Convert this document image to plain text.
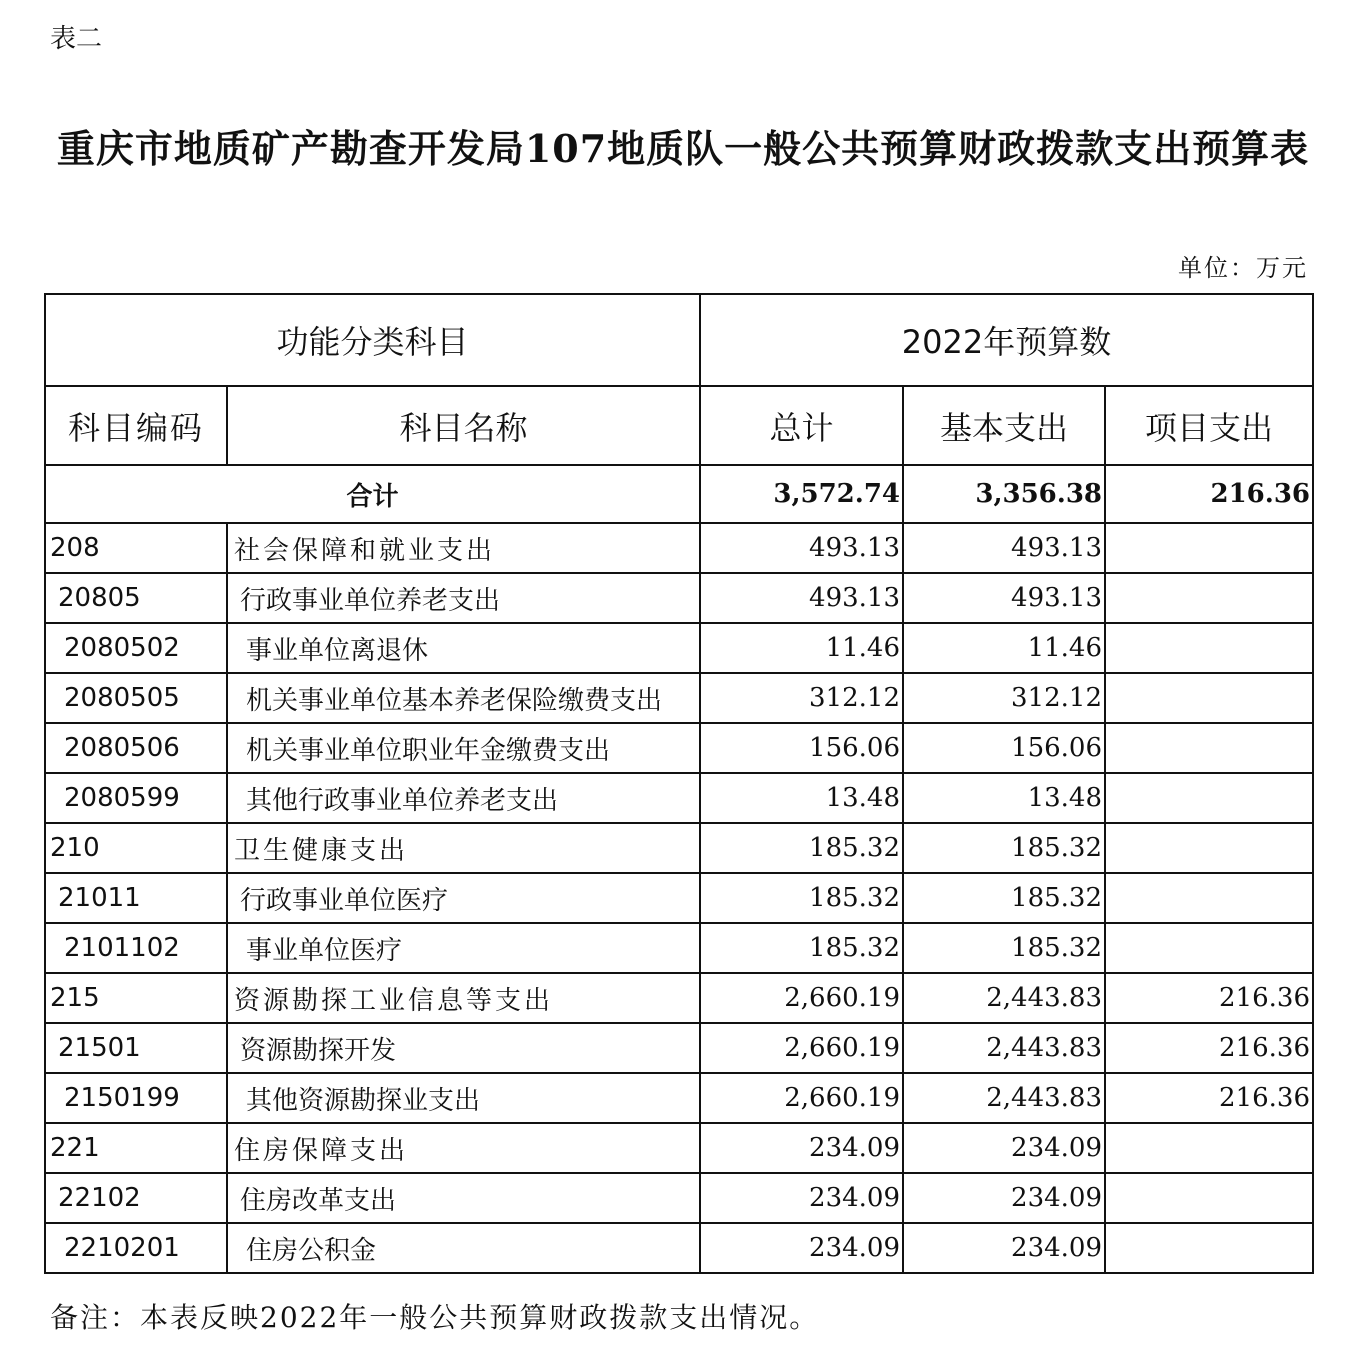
表二
重庆市地质矿产勘查开发局107地质队一般公共预算财政拨款支出预算表
单位：万元
功能分类科目		2022年预算数		
科目编码	科目名称	总计	基本支出	项目支出
合计		3,572.74	3,356.38	216.36
208	社会保障和就业支出	493.13	493.13	
20805	行政事业单位养老支出	493.13	493.13	
2080502	事业单位离退休	11.46	11.46	
2080505	机关事业单位基本养老保险缴费支出	312.12	312.12	
2080506	机关事业单位职业年金缴费支出	156.06	156.06	
2080599	其他行政事业单位养老支出	13.48	13.48	
210	卫生健康支出	185.32	185.32	
21011	行政事业单位医疗	185.32	185.32	
2101102	事业单位医疗	185.32	185.32	
215	资源勘探工业信息等支出	2,660.19	2,443.83	216.36
21501	资源勘探开发	2,660.19	2,443.83	216.36
2150199	其他资源勘探业支出	2,660.19	2,443.83	216.36
221	住房保障支出	234.09	234.09	
22102	住房改革支出	234.09	234.09	
2210201	住房公积金	234.09	234.09	
备注：本表反映2022年一般公共预算财政拨款支出情况。
